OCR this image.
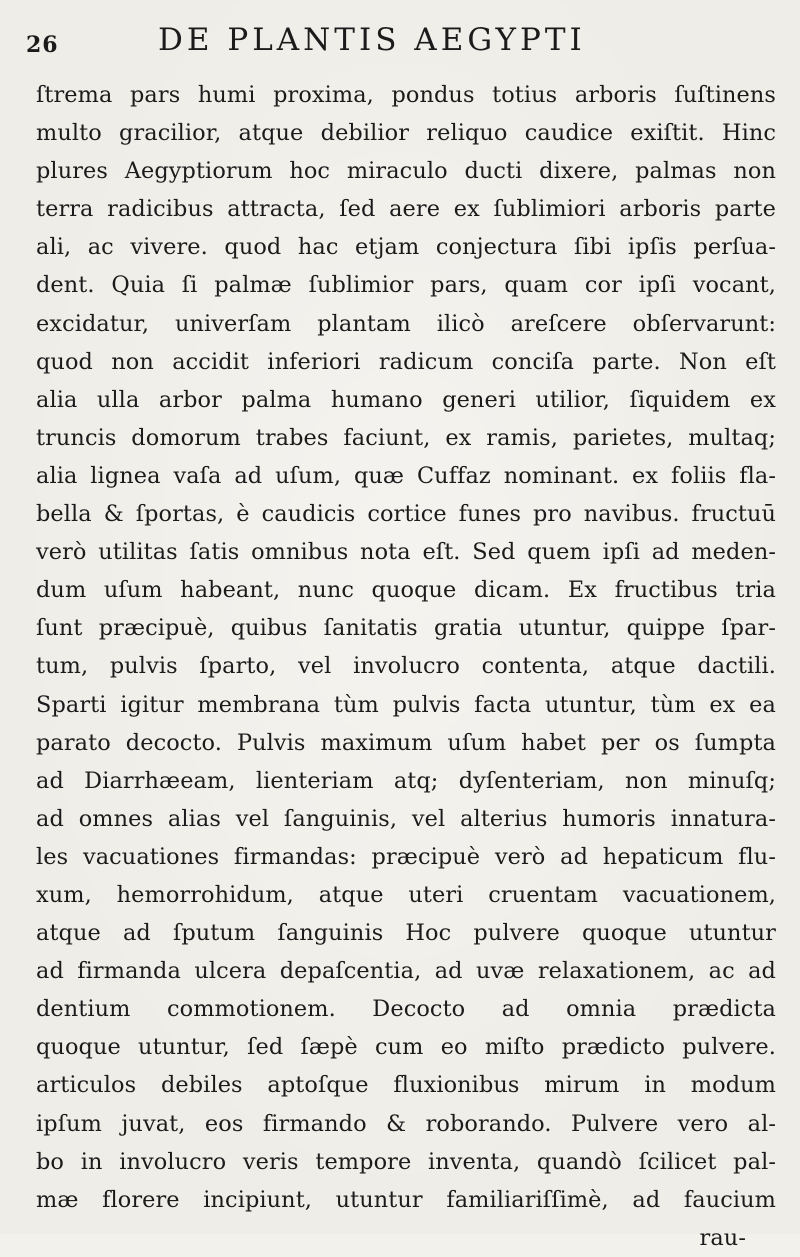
26	DE PLANTIS AEGYPTI
ſtrema pars humi proxima, pondus totius arboris ſuſtinens
multo gracilior, atque debilior reliquo caudice exiſtit. Hinc
plures Aegyptiorum hoc miraculo ducti dixere, palmas non
terra radicibus attracta, ſed aere ex ſublimiori arboris parte
ali, ac vivere. quod hac etjam conjectura ſibi ipſis perſua-
dent. Quia ſi palmæ ſublimior pars, quam cor ipſi vocant,
excidatur, univerſam plantam ilicò areſcere obſervarunt:
quod non accidit inferiori radicum conciſa parte. Non eſt
alia ulla arbor palma humano generi utilior, ſiquidem ex
truncis domorum trabes faciunt, ex ramis, parietes, multaq;
alia lignea vaſa ad uſum, quæ Cuffaz nominant. ex foliis fla-
bella & ſportas, è caudicis cortice funes pro navibus. fructuū
verò utilitas ſatis omnibus nota eſt. Sed quem ipſi ad meden-
dum uſum habeant, nunc quoque dicam. Ex fructibus tria
ſunt præcipuè, quibus ſanitatis gratia utuntur, quippe ſpar-
tum, pulvis ſparto, vel involucro contenta, atque dactili.
Sparti igitur membrana tùm pulvis facta utuntur, tùm ex ea
parato decocto. Pulvis maximum uſum habet per os ſumpta
ad Diarrhæeam, lienteriam atq; dyſenteriam, non minuſq;
ad omnes alias vel ſanguinis, vel alterius humoris innatura-
les vacuationes firmandas: præcipuè verò ad hepaticum flu-
xum, hemorrohidum, atque uteri cruentam vacuationem,
atque ad ſputum ſanguinis Hoc pulvere quoque utuntur
ad firmanda ulcera depaſcentia, ad uvæ relaxationem, ac ad
dentium commotionem. Decocto ad omnia prædicta
quoque utuntur, ſed ſæpè cum eo miſto prædicto pulvere.
articulos debiles aptoſque fluxionibus mirum in modum
ipſum juvat, eos firmando & roborando. Pulvere vero al-
bo in involucro veris tempore inventa, quandò ſcilicet pal-
mæ florere incipiunt, utuntur familiariſſimè, ad faucium
rau-
